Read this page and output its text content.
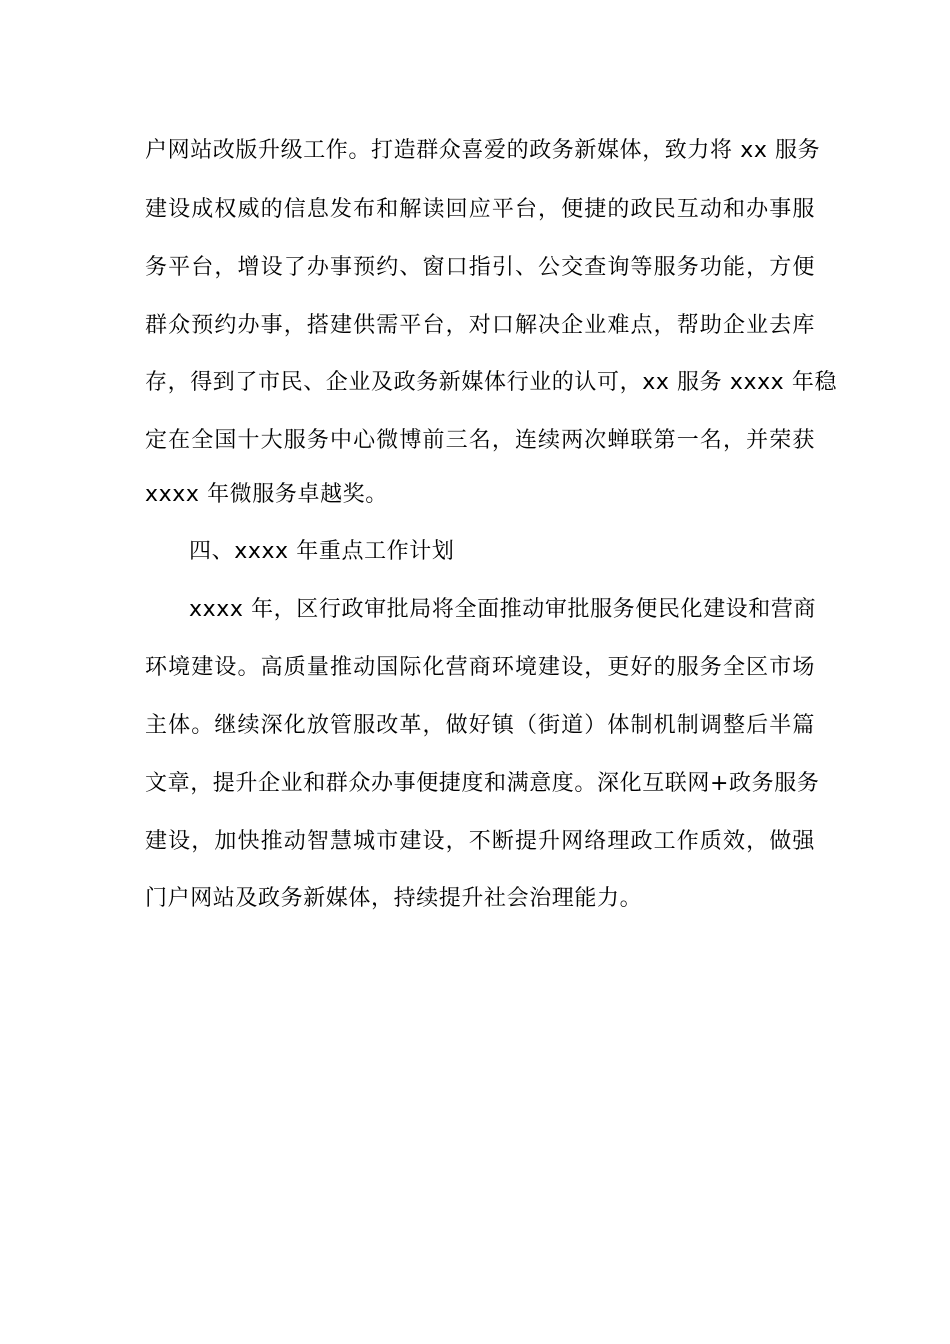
户网站改版升级工作。打造群众喜爱的政务新媒体，致力将 xx 服务
建设成权威的信息发布和解读回应平台，便捷的政民互动和办事服
务平台，增设了办事预约、窗口指引、公交查询等服务功能，方便
群众预约办事，搭建供需平台，对口解决企业难点，帮助企业去库
存，得到了市民、企业及政务新媒体行业的认可，xx 服务 xxxx 年稳
定在全国十大服务中心微博前三名，连续两次蝉联第一名，并荣获
xxxx 年微服务卓越奖。
四、xxxx 年重点工作计划
xxxx 年，区行政审批局将全面推动审批服务便民化建设和营商
环境建设。高质量推动国际化营商环境建设，更好的服务全区市场
主体。继续深化放管服改革，做好镇（街道）体制机制调整后半篇
文章，提升企业和群众办事便捷度和满意度。深化互联网+政务服务
建设，加快推动智慧城市建设，不断提升网络理政工作质效，做强
门户网站及政务新媒体，持续提升社会治理能力。
